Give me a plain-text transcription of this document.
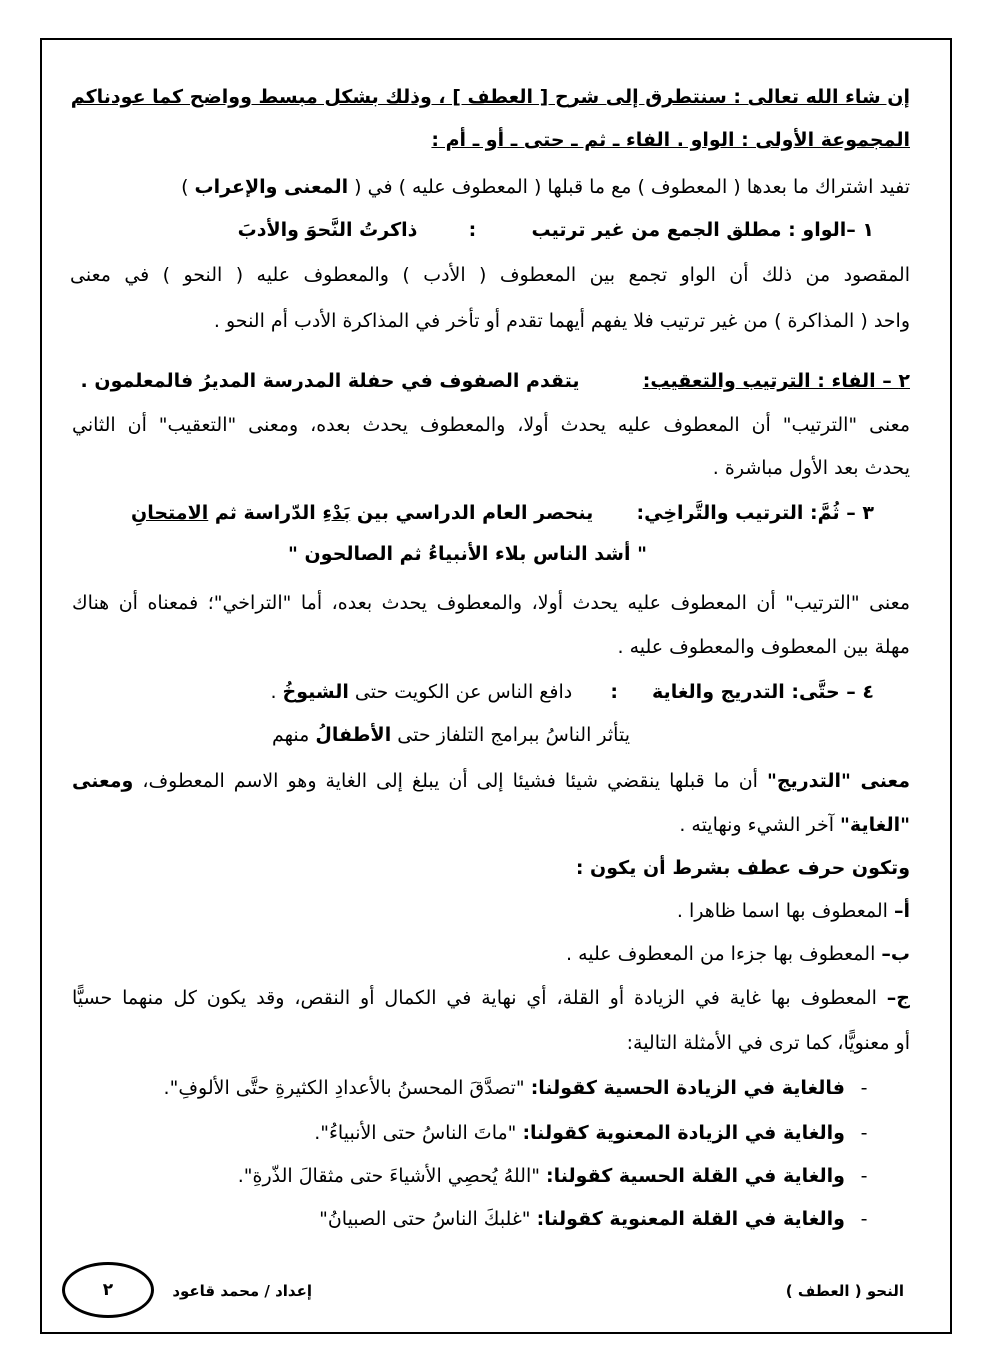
إن شاء الله تعالى : سنتطرق إلى شرح [ العطف ] ، وذلك بشكل مبسط وواضح كما عودناكم
المجموعة الأولى : الواو . الفاء ـ ثم ـ حتى ـ أو ـ أم :
تفيد اشتراك ما بعدها ( المعطوف ) مع ما قبلها ( المعطوف عليه ) في ( المعنى والإعراب )
١ –الواو : مطلق الجمع من غير ترتيب  :  ذاكرتُ النَّحوَ والأدبَ
المقصود من ذلك أن الواو تجمع بين المعطوف ( الأدب ) والمعطوف عليه ( النحو ) في معنى
واحد ( المذاكرة ) من غير ترتيب فلا يفهم أيهما تقدم أو تأخر في المذاكرة الأدب أم النحو .
٢ – الفاء : الترتيب والتعقيب:  يتقدم الصفوف في حفلة المدرسة المديرُ فالمعلمون .
معنى "الترتيب" أن المعطوف عليه يحدث أولا، والمعطوف يحدث بعده، ومعنى "التعقيب" أن الثاني
يحدث بعد الأول مباشرة .
٣ – ثُمَّ: الترتيب والتَّراخِي:  ينحصر العام الدراسي بين بَدْءِ الدّراسة ثم الامتحانِ
" أشد الناس بلاء الأنبياءُ ثم الصالحون "
معنى "الترتيب" أن المعطوف عليه يحدث أولا، والمعطوف يحدث بعده، أما "التراخي"؛ فمعناه أن هناك
مهلة بين المعطوف والمعطوف عليه .
٤ – حتَّى: التدريج والغاية  :  دافع الناس عن الكويت حتى الشيوخُ .
يتأثر الناسُ ببرامج التلفاز حتى الأطفالُ منهم
معنى "التدريج" أن ما قبلها ينقضي شيئا فشيئا إلى أن يبلغ إلى الغاية وهو الاسم المعطوف، ومعنى
"الغاية" آخر الشيء ونهايته .
وتكون حرف عطف بشرط أن يكون :
أ– المعطوف بها اسما ظاهرا .
ب– المعطوف بها جزءا من المعطوف عليه .
ج– المعطوف بها غاية في الزيادة أو القلة، أي نهاية في الكمال أو النقص، وقد يكون كل منهما حسيًّا
أو معنويًّا، كما ترى في الأمثلة التالية:
- فالغاية في الزيادة الحسية كقولنا: "تصدَّقَ المحسنُ بالأعدادِ الكثيرةِ حتَّى الألوفِ".
- والغاية في الزيادة المعنوية كقولنا: "ماتَ الناسُ حتى الأنبياءُ".
- والغاية في القلة الحسية كقولنا: "اللهُ يُحصِي الأشياءَ حتى مثقالَ الذّرةِ".
- والغاية في القلة المعنوية كقولنا: "غلبكَ الناسُ حتى الصبيانُ"
النحو ( العطف )
إعداد / محمد قاعود
٢
